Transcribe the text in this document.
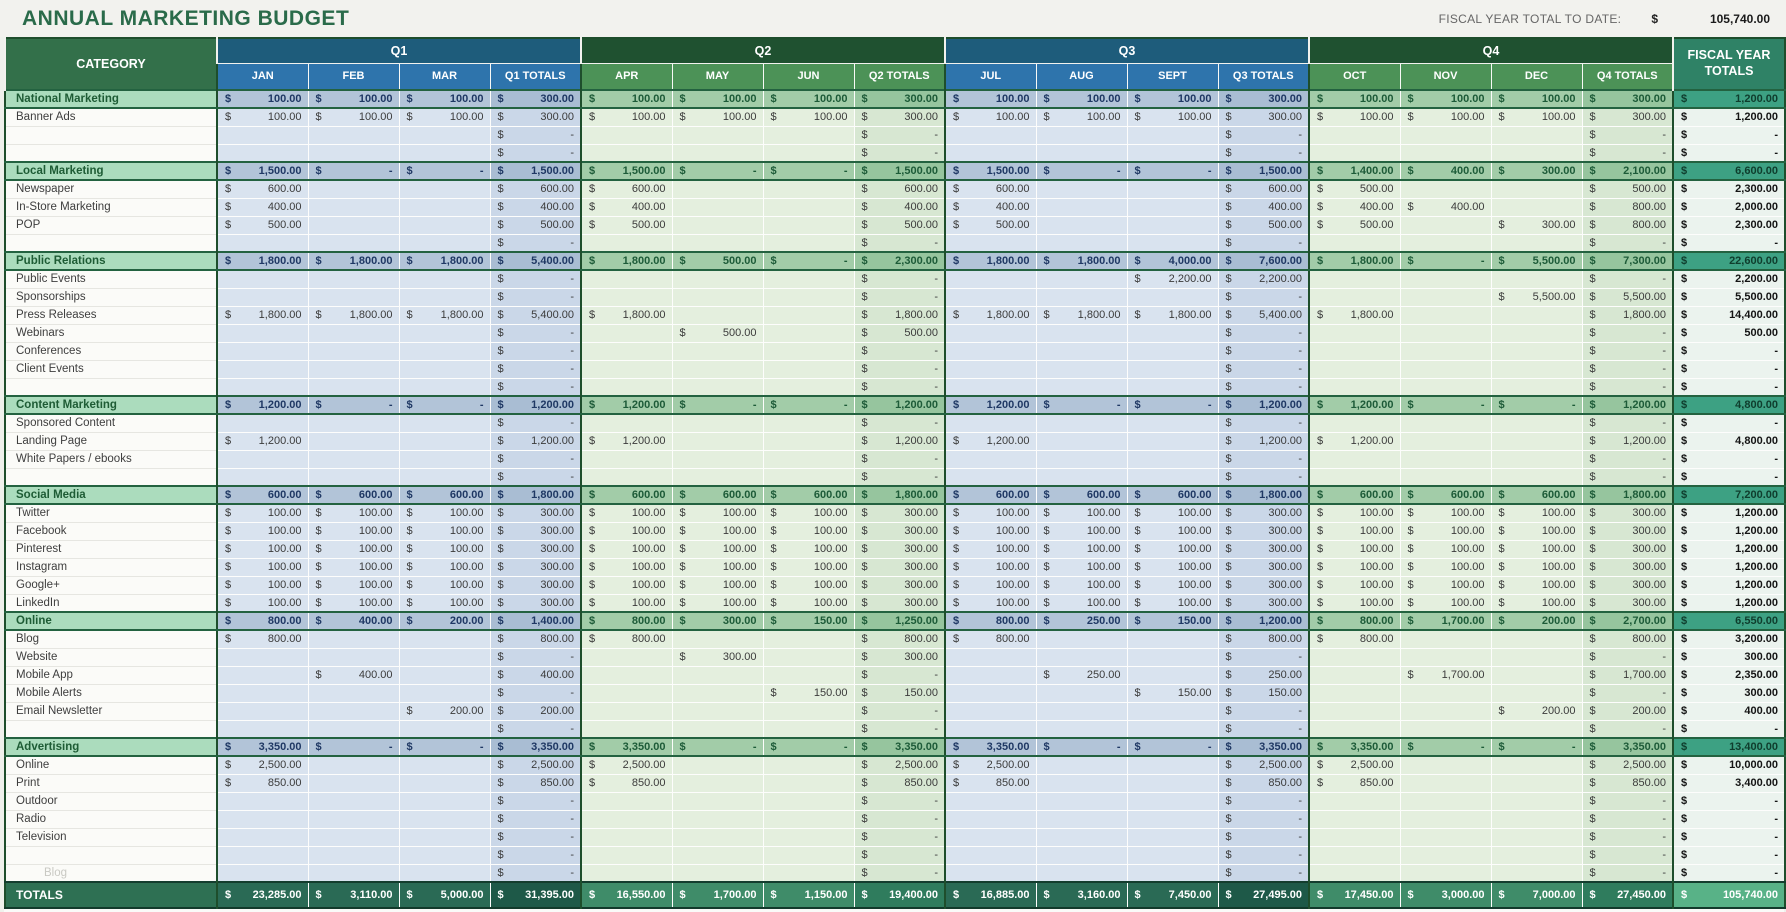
ANNUAL MARKETING BUDGET	FISCAL YEAR TOTAL TO DATE:	$	105,740.00
CATEGORY	Q1				Q2				Q3				Q4				FISCAL YEAR TOTALS
	JAN	FEB	MAR	Q1 TOTALS	APR	MAY	JUN	Q2 TOTALS	JUL	AUG	SEPT	Q3 TOTALS	OCT	NOV	DEC	Q4 TOTALS	
National Marketing	$ 100.00	$ 100.00	$ 100.00	$ 300.00	$ 100.00	$ 100.00	$ 100.00	$ 300.00	$ 100.00	$ 100.00	$ 100.00	$ 300.00	$ 100.00	$ 100.00	$ 100.00	$ 300.00	$ 1,200.00

Banner Ads	$ 100.00	$ 100.00	$ 100.00	$ 300.00	$ 100.00	$ 100.00	$ 100.00	$ 300.00	$ 100.00	$ 100.00	$ 100.00	$ 300.00	$ 100.00	$ 100.00	$ 100.00	$ 300.00	$ 1,200.00

				$ -				$ -				$ -				$ -	$ -

				$ -				$ -				$ -				$ -	$ -

Local Marketing	$ 1,500.00	$ -	$ -	$ 1,500.00	$ 1,500.00	$ -	$ -	$ 1,500.00	$ 1,500.00	$ -	$ -	$ 1,500.00	$ 1,400.00	$ 400.00	$ 300.00	$ 2,100.00	$ 6,600.00

Newspaper	$ 600.00			$ 600.00	$ 600.00			$ 600.00	$ 600.00			$ 600.00	$ 500.00			$ 500.00	$ 2,300.00

In-Store Marketing	$ 400.00			$ 400.00	$ 400.00			$ 400.00	$ 400.00			$ 400.00	$ 400.00	$ 400.00		$ 800.00	$ 2,000.00

POP	$ 500.00			$ 500.00	$ 500.00			$ 500.00	$ 500.00			$ 500.00	$ 500.00		$ 300.00	$ 800.00	$ 2,300.00

				$ -				$ -				$ -				$ -	$ -

Public Relations	$ 1,800.00	$ 1,800.00	$ 1,800.00	$ 5,400.00	$ 1,800.00	$ 500.00	$ -	$ 2,300.00	$ 1,800.00	$ 1,800.00	$ 4,000.00	$ 7,600.00	$ 1,800.00	$ -	$ 5,500.00	$ 7,300.00	$ 22,600.00

Public Events				$ -				$ -			$ 2,200.00	$ 2,200.00				$ -	$ 2,200.00

Sponsorships				$ -				$ -				$ -			$ 5,500.00	$ 5,500.00	$ 5,500.00

Press Releases	$ 1,800.00	$ 1,800.00	$ 1,800.00	$ 5,400.00	$ 1,800.00			$ 1,800.00	$ 1,800.00	$ 1,800.00	$ 1,800.00	$ 5,400.00	$ 1,800.00			$ 1,800.00	$ 14,400.00

Webinars				$ -		$ 500.00		$ 500.00				$ -				$ -	$ 500.00

Conferences				$ -				$ -				$ -				$ -	$ -

Client Events				$ -				$ -				$ -				$ -	$ -

				$ -				$ -				$ -				$ -	$ -

Content Marketing	$ 1,200.00	$ -	$ -	$ 1,200.00	$ 1,200.00	$ -	$ -	$ 1,200.00	$ 1,200.00	$ -	$ -	$ 1,200.00	$ 1,200.00	$ -	$ -	$ 1,200.00	$ 4,800.00

Sponsored Content				$ -				$ -				$ -				$ -	$ -

Landing Page	$ 1,200.00			$ 1,200.00	$ 1,200.00			$ 1,200.00	$ 1,200.00			$ 1,200.00	$ 1,200.00			$ 1,200.00	$ 4,800.00

White Papers / ebooks				$ -				$ -				$ -				$ -	$ -

				$ -				$ -				$ -				$ -	$ -

Social Media	$ 600.00	$ 600.00	$ 600.00	$ 1,800.00	$ 600.00	$ 600.00	$ 600.00	$ 1,800.00	$ 600.00	$ 600.00	$ 600.00	$ 1,800.00	$ 600.00	$ 600.00	$ 600.00	$ 1,800.00	$ 7,200.00

Twitter	$ 100.00	$ 100.00	$ 100.00	$ 300.00	$ 100.00	$ 100.00	$ 100.00	$ 300.00	$ 100.00	$ 100.00	$ 100.00	$ 300.00	$ 100.00	$ 100.00	$ 100.00	$ 300.00	$ 1,200.00

Facebook	$ 100.00	$ 100.00	$ 100.00	$ 300.00	$ 100.00	$ 100.00	$ 100.00	$ 300.00	$ 100.00	$ 100.00	$ 100.00	$ 300.00	$ 100.00	$ 100.00	$ 100.00	$ 300.00	$ 1,200.00

Pinterest	$ 100.00	$ 100.00	$ 100.00	$ 300.00	$ 100.00	$ 100.00	$ 100.00	$ 300.00	$ 100.00	$ 100.00	$ 100.00	$ 300.00	$ 100.00	$ 100.00	$ 100.00	$ 300.00	$ 1,200.00

Instagram	$ 100.00	$ 100.00	$ 100.00	$ 300.00	$ 100.00	$ 100.00	$ 100.00	$ 300.00	$ 100.00	$ 100.00	$ 100.00	$ 300.00	$ 100.00	$ 100.00	$ 100.00	$ 300.00	$ 1,200.00

Google+	$ 100.00	$ 100.00	$ 100.00	$ 300.00	$ 100.00	$ 100.00	$ 100.00	$ 300.00	$ 100.00	$ 100.00	$ 100.00	$ 300.00	$ 100.00	$ 100.00	$ 100.00	$ 300.00	$ 1,200.00

LinkedIn	$ 100.00	$ 100.00	$ 100.00	$ 300.00	$ 100.00	$ 100.00	$ 100.00	$ 300.00	$ 100.00	$ 100.00	$ 100.00	$ 300.00	$ 100.00	$ 100.00	$ 100.00	$ 300.00	$ 1,200.00

Online	$ 800.00	$ 400.00	$ 200.00	$ 1,400.00	$ 800.00	$ 300.00	$ 150.00	$ 1,250.00	$ 800.00	$ 250.00	$ 150.00	$ 1,200.00	$ 800.00	$ 1,700.00	$ 200.00	$ 2,700.00	$ 6,550.00

Blog	$ 800.00			$ 800.00	$ 800.00			$ 800.00	$ 800.00			$ 800.00	$ 800.00			$ 800.00	$ 3,200.00

Website				$ -		$ 300.00		$ 300.00				$ -				$ -	$ 300.00

Mobile App		$ 400.00		$ 400.00				$ -		$ 250.00		$ 250.00		$ 1,700.00		$ 1,700.00	$ 2,350.00

Mobile Alerts				$ -			$ 150.00	$ 150.00			$ 150.00	$ 150.00				$ -	$ 300.00

Email Newsletter			$ 200.00	$ 200.00				$ -				$ -			$ 200.00	$ 200.00	$ 400.00

				$ -				$ -				$ -				$ -	$ -

Advertising	$ 3,350.00	$ -	$ -	$ 3,350.00	$ 3,350.00	$ -	$ -	$ 3,350.00	$ 3,350.00	$ -	$ -	$ 3,350.00	$ 3,350.00	$ -	$ -	$ 3,350.00	$ 13,400.00

Online	$ 2,500.00			$ 2,500.00	$ 2,500.00			$ 2,500.00	$ 2,500.00			$ 2,500.00	$ 2,500.00			$ 2,500.00	$ 10,000.00

Print	$ 850.00			$ 850.00	$ 850.00			$ 850.00	$ 850.00			$ 850.00	$ 850.00			$ 850.00	$ 3,400.00

Outdoor				$ -				$ -				$ -				$ -	$ -

Radio				$ -				$ -				$ -				$ -	$ -

Television				$ -				$ -				$ -				$ -	$ -

				$ -				$ -				$ -				$ -	$ -

Blog				$ -				$ -				$ -				$ -	$ -

TOTALS	$ 23,285.00	$ 3,110.00	$ 5,000.00	$ 31,395.00	$ 16,550.00	$ 1,700.00	$ 1,150.00	$ 19,400.00	$ 16,885.00	$ 3,160.00	$ 7,450.00	$ 27,495.00	$ 17,450.00	$ 3,000.00	$ 7,000.00	$ 27,450.00	$ 105,740.00
